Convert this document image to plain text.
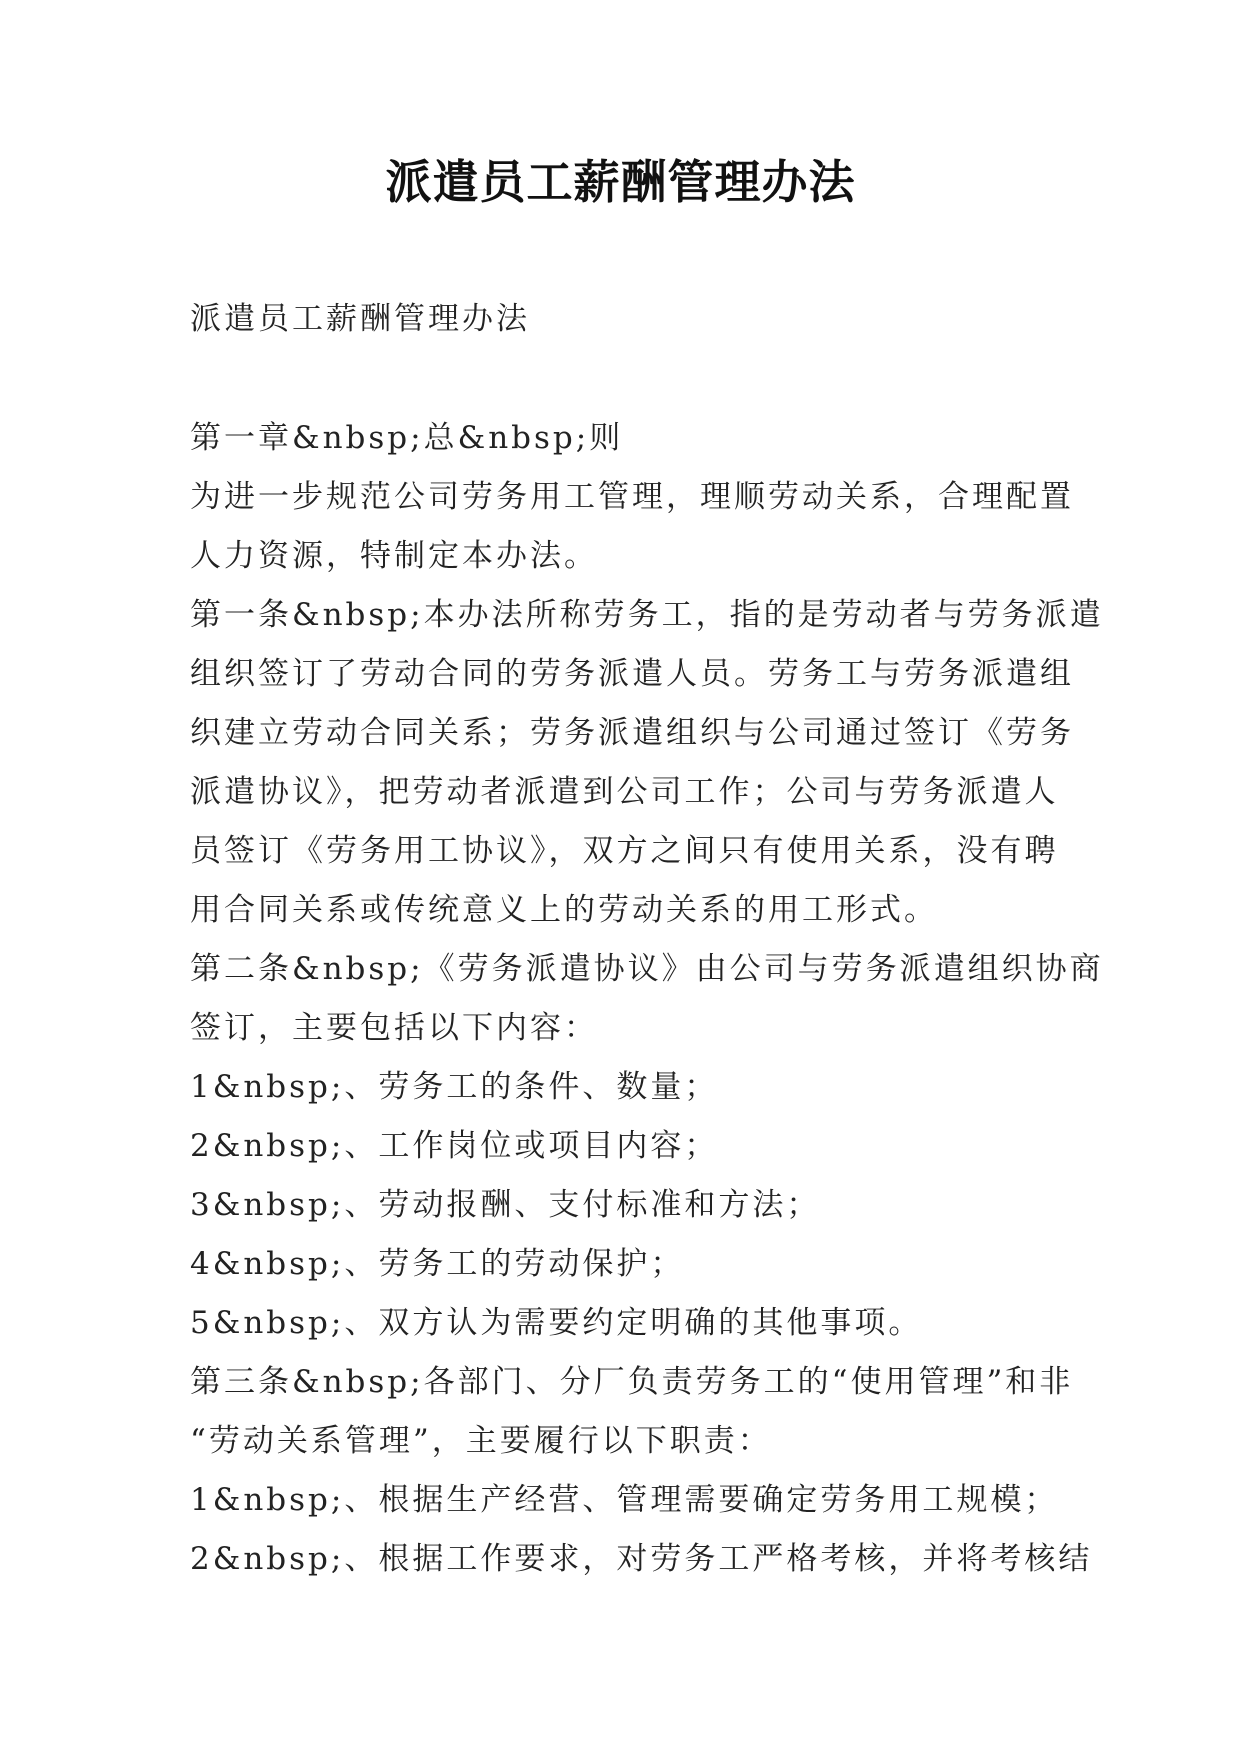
派遣员工薪酬管理办法
派遣员工薪酬管理办法
第一章&nbsp;总&nbsp;则
为进一步规范公司劳务用工管理，理顺劳动关系，合理配置
人力资源，特制定本办法。
第一条&nbsp;本办法所称劳务工，指的是劳动者与劳务派遣
组织签订了劳动合同的劳务派遣人员。劳务工与劳务派遣组
织建立劳动合同关系；劳务派遣组织与公司通过签订《劳务
派遣协议》，把劳动者派遣到公司工作；公司与劳务派遣人
员签订《劳务用工协议》，双方之间只有使用关系，没有聘
用合同关系或传统意义上的劳动关系的用工形式。
第二条&nbsp;《劳务派遣协议》由公司与劳务派遣组织协商
签订，主要包括以下内容：
1&nbsp;、劳务工的条件、数量；
2&nbsp;、工作岗位或项目内容；
3&nbsp;、劳动报酬、支付标准和方法；
4&nbsp;、劳务工的劳动保护；
5&nbsp;、双方认为需要约定明确的其他事项。
第三条&nbsp;各部门、分厂负责劳务工的“使用管理”和非
“劳动关系管理”，主要履行以下职责：
1&nbsp;、根据生产经营、管理需要确定劳务用工规模；
2&nbsp;、根据工作要求，对劳务工严格考核，并将考核结
